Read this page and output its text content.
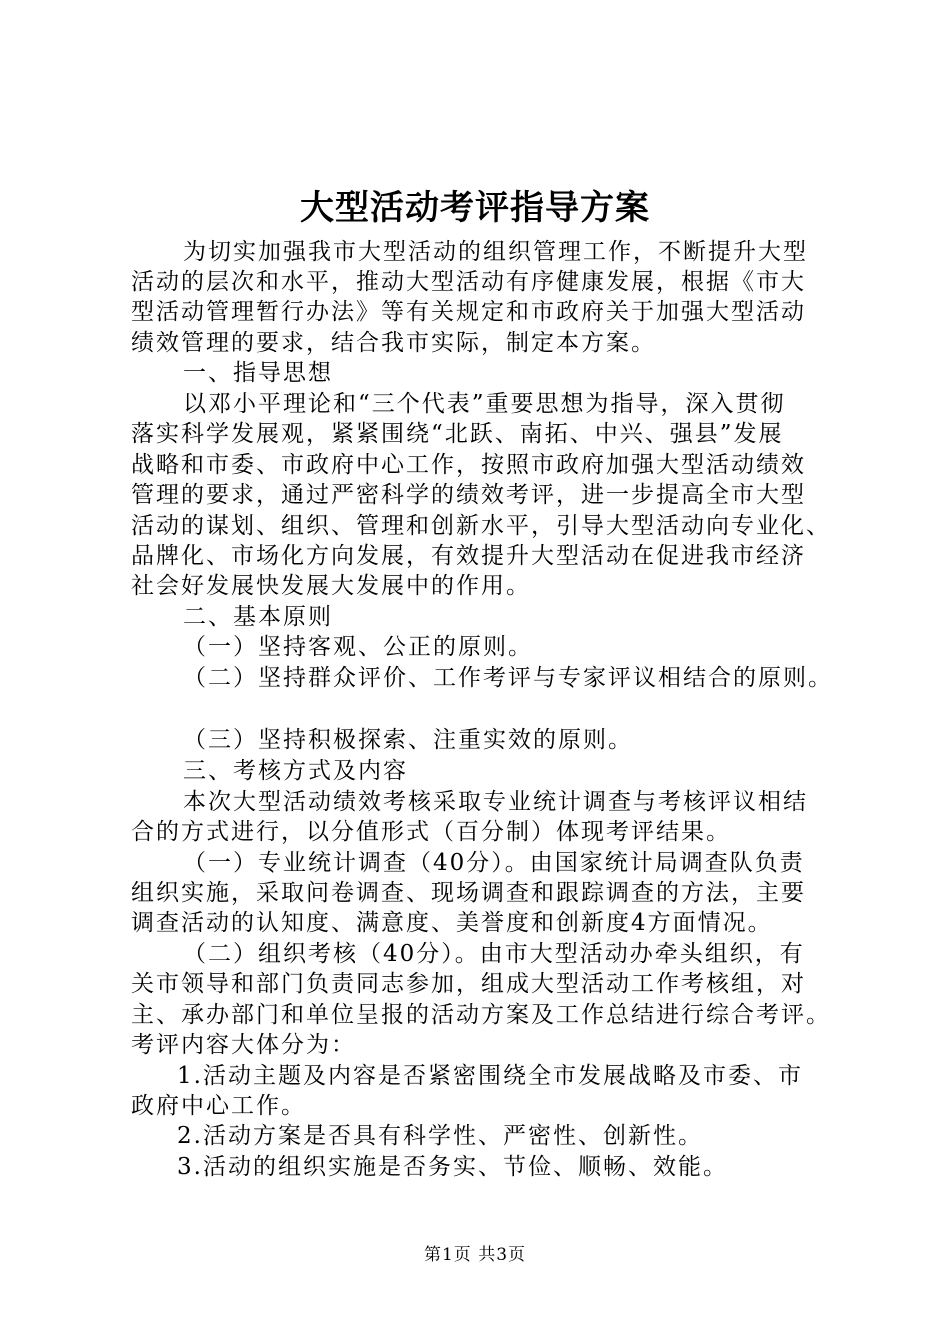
大型活动考评指导方案
为切实加强我市大型活动的组织管理工作，不断提升大型
活动的层次和水平，推动大型活动有序健康发展，根据《市大
型活动管理暂行办法》等有关规定和市政府关于加强大型活动
绩效管理的要求，结合我市实际，制定本方案。
一、指导思想
以邓小平理论和“三个代表”重要思想为指导，深入贯彻
落实科学发展观，紧紧围绕“北跃、南拓、中兴、强县”发展
战略和市委、市政府中心工作，按照市政府加强大型活动绩效
管理的要求，通过严密科学的绩效考评，进一步提高全市大型
活动的谋划、组织、管理和创新水平，引导大型活动向专业化、
品牌化、市场化方向发展，有效提升大型活动在促进我市经济
社会好发展快发展大发展中的作用。
二、基本原则
（一）坚持客观、公正的原则。
（二）坚持群众评价、工作考评与专家评议相结合的原则。
（三）坚持积极探索、注重实效的原则。
三、考核方式及内容
本次大型活动绩效考核采取专业统计调查与考核评议相结
合的方式进行，以分值形式（百分制）体现考评结果。
（一）专业统计调查（40分）。由国家统计局调查队负责
组织实施，采取问卷调查、现场调查和跟踪调查的方法，主要
调查活动的认知度、满意度、美誉度和创新度4方面情况。
（二）组织考核（40分）。由市大型活动办牵头组织，有
关市领导和部门负责同志参加，组成大型活动工作考核组，对
主、承办部门和单位呈报的活动方案及工作总结进行综合考评。
考评内容大体分为：
1.活动主题及内容是否紧密围绕全市发展战略及市委、市
政府中心工作。
2.活动方案是否具有科学性、严密性、创新性。
3.活动的组织实施是否务实、节俭、顺畅、效能。
第1页 共3页
